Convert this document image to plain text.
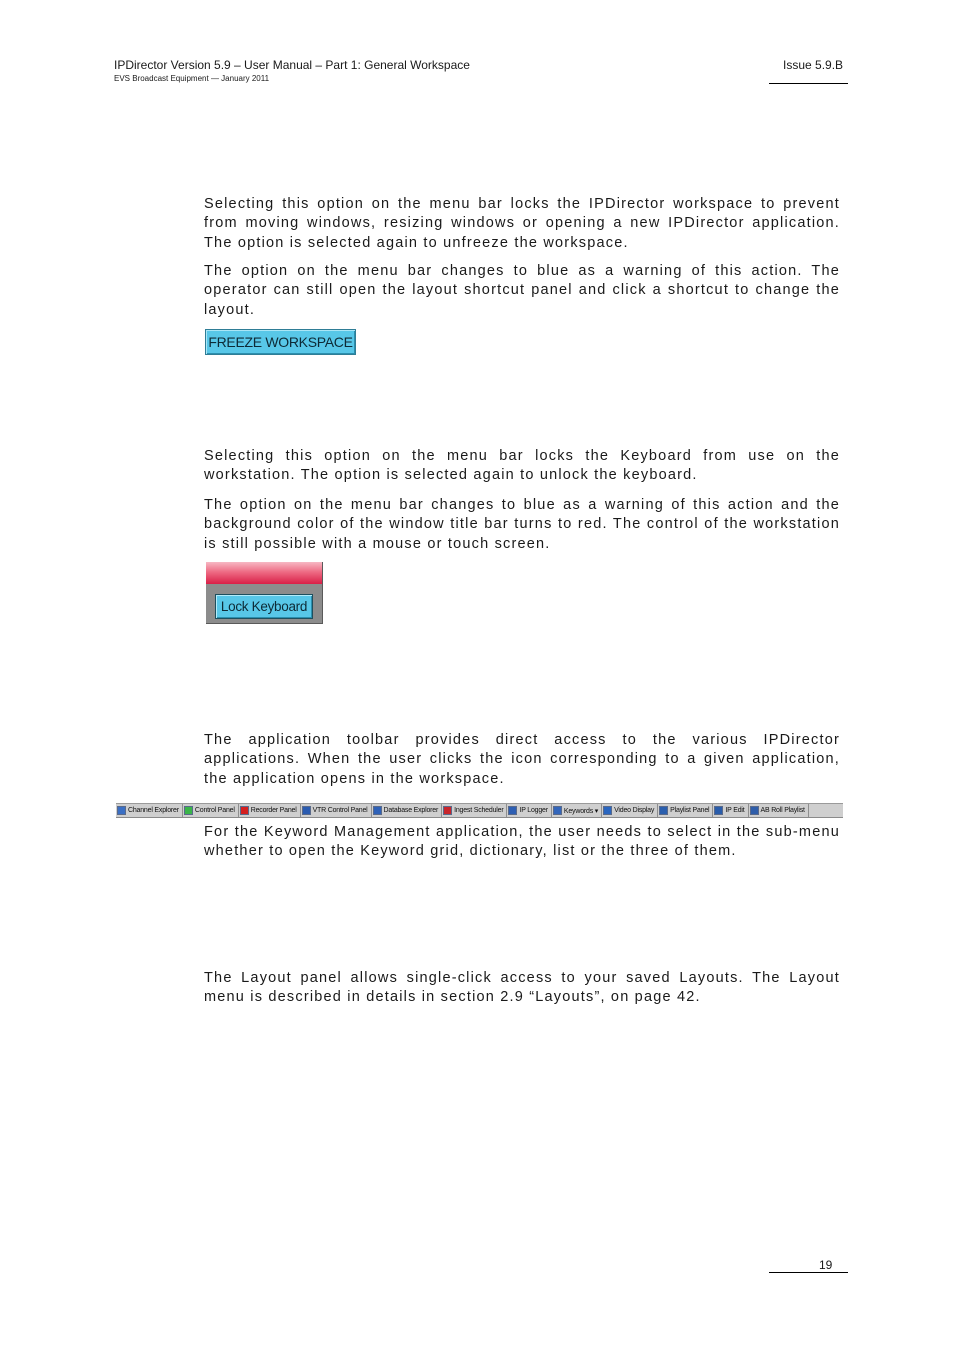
IPDirector Version 5.9 – User Manual – Part 1: General Workspace
EVS Broadcast Equipment — January 2011
Issue 5.9.B

Selecting this option on the menu bar locks the IPDirector workspace to prevent from moving windows, resizing windows or opening a new IPDirector application. The option is selected again to unfreeze the workspace.

The option on the menu bar changes to blue as a warning of this action. The operator can still open the layout shortcut panel and click a shortcut to change the layout.

FREEZE WORKSPACE

Selecting this option on the menu bar locks the Keyboard from use on the workstation. The option is selected again to unlock the keyboard.

The option on the menu bar changes to blue as a warning of this action and the background color of the window title bar turns to red. The control of the workstation is still possible with a mouse or touch screen.

Lock Keyboard

The application toolbar provides direct access to the various IPDirector applications. When the user clicks the icon corresponding to a given application, the application opens in the workspace.

Channel Explorer Control Panel Recorder Panel VTR Control Panel Database Explorer Ingest Scheduler IP Logger Keywords ▾ Video Display Playlist Panel IP Edit AB Roll Playlist

For the Keyword Management application, the user needs to select in the sub-menu whether to open the Keyword grid, dictionary, list or the three of them.

The Layout panel allows single-click access to your saved Layouts. The Layout menu is described in details in section 2.9 “Layouts”, on page 42.

19
